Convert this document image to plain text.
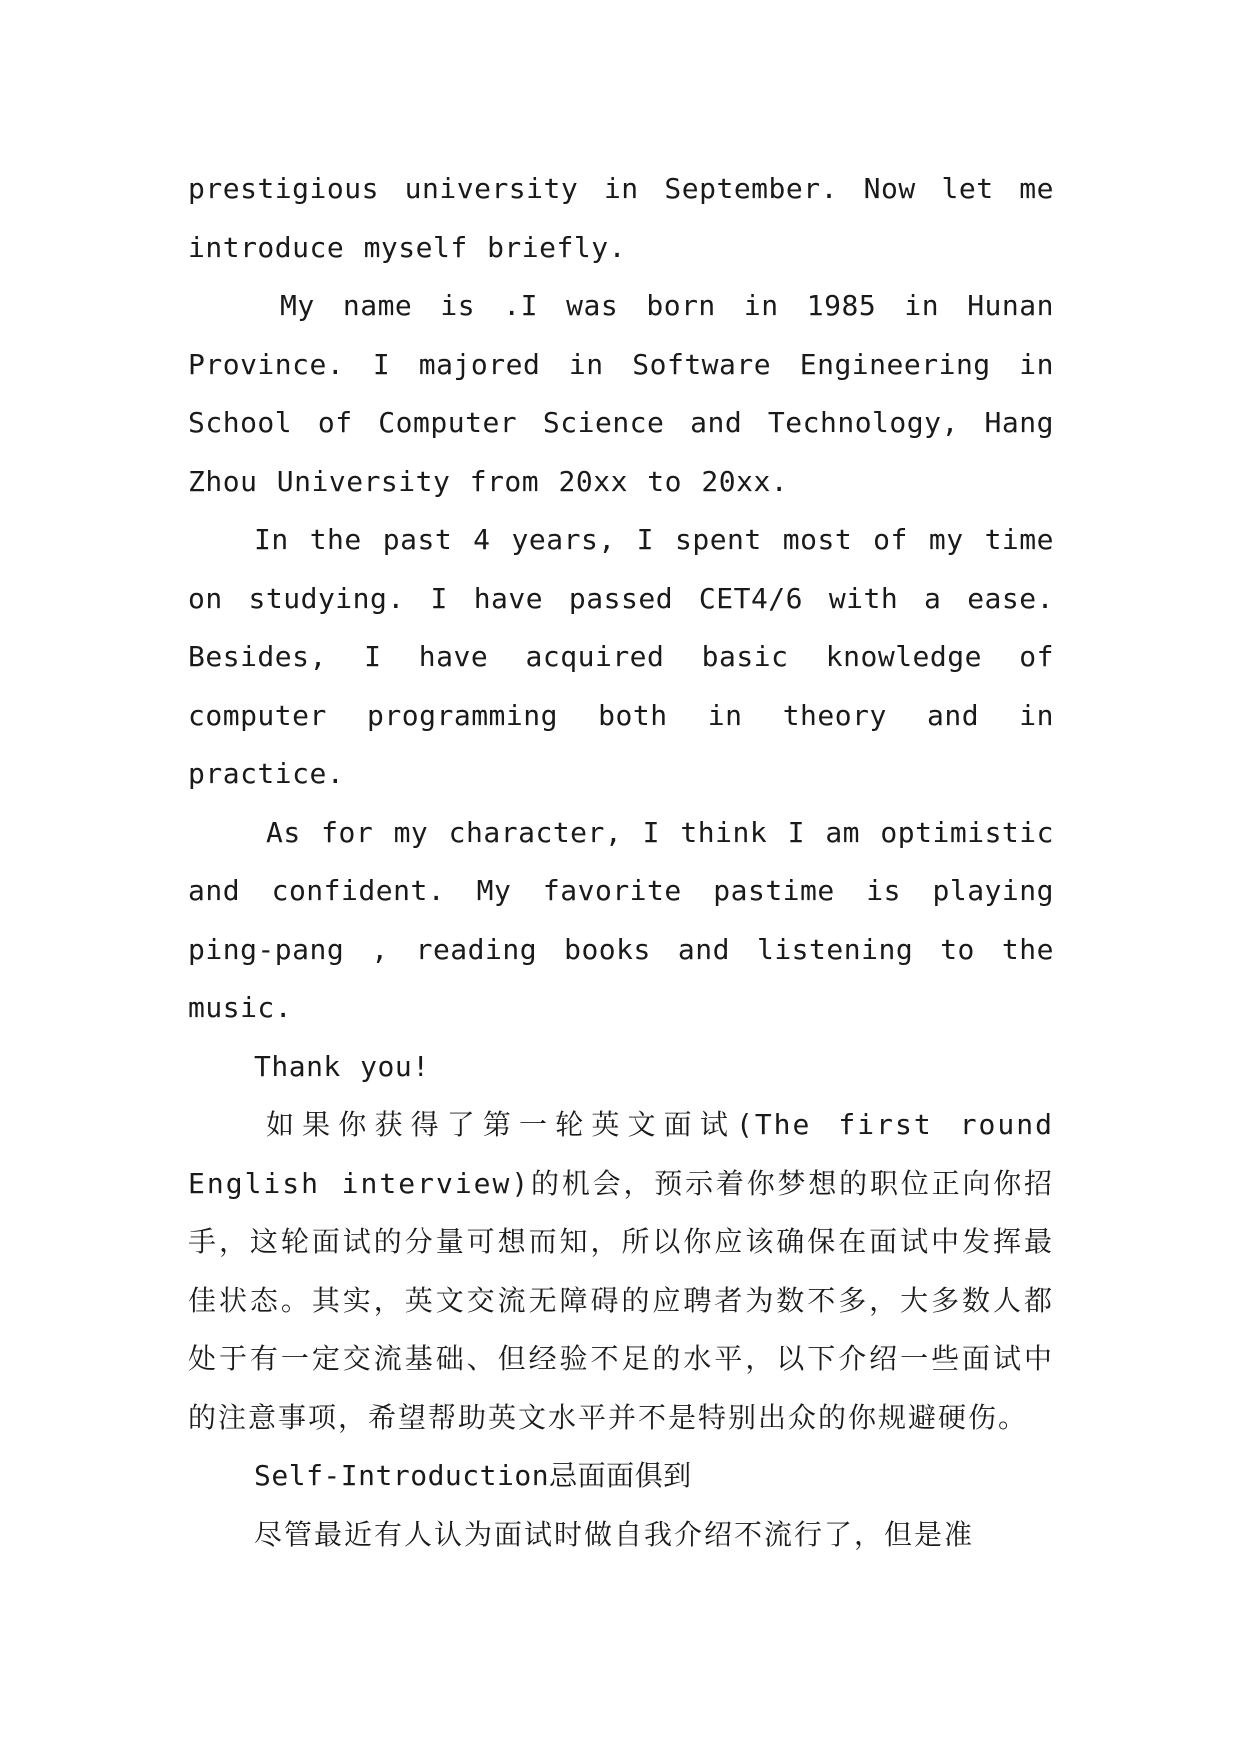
prestigious university in September. Now let me introduce myself briefly.

My name is .I was born in 1985 in Hunan Province. I majored in Software Engineering in School of Computer Science and Technology, Hang Zhou University from 20xx to 20xx.

In the past 4 years, I spent most of my time on studying. I have passed CET4/6 with a ease. Besides, I have acquired basic knowledge of computer programming both in theory and in practice.

As for my character, I think I am optimistic and confident. My favorite pastime is playing ping-pang , reading books and listening to the music.

Thank you!

如果你获得了第一轮英文面试(The first round English interview)的机会，预示着你梦想的职位正向你招手，这轮面试的分量可想而知，所以你应该确保在面试中发挥最佳状态。其实，英文交流无障碍的应聘者为数不多，大多数人都处于有一定交流基础、但经验不足的水平，以下介绍一些面试中的注意事项，希望帮助英文水平并不是特别出众的你规避硬伤。

Self-Introduction忌面面俱到

尽管最近有人认为面试时做自我介绍不流行了，但是准
